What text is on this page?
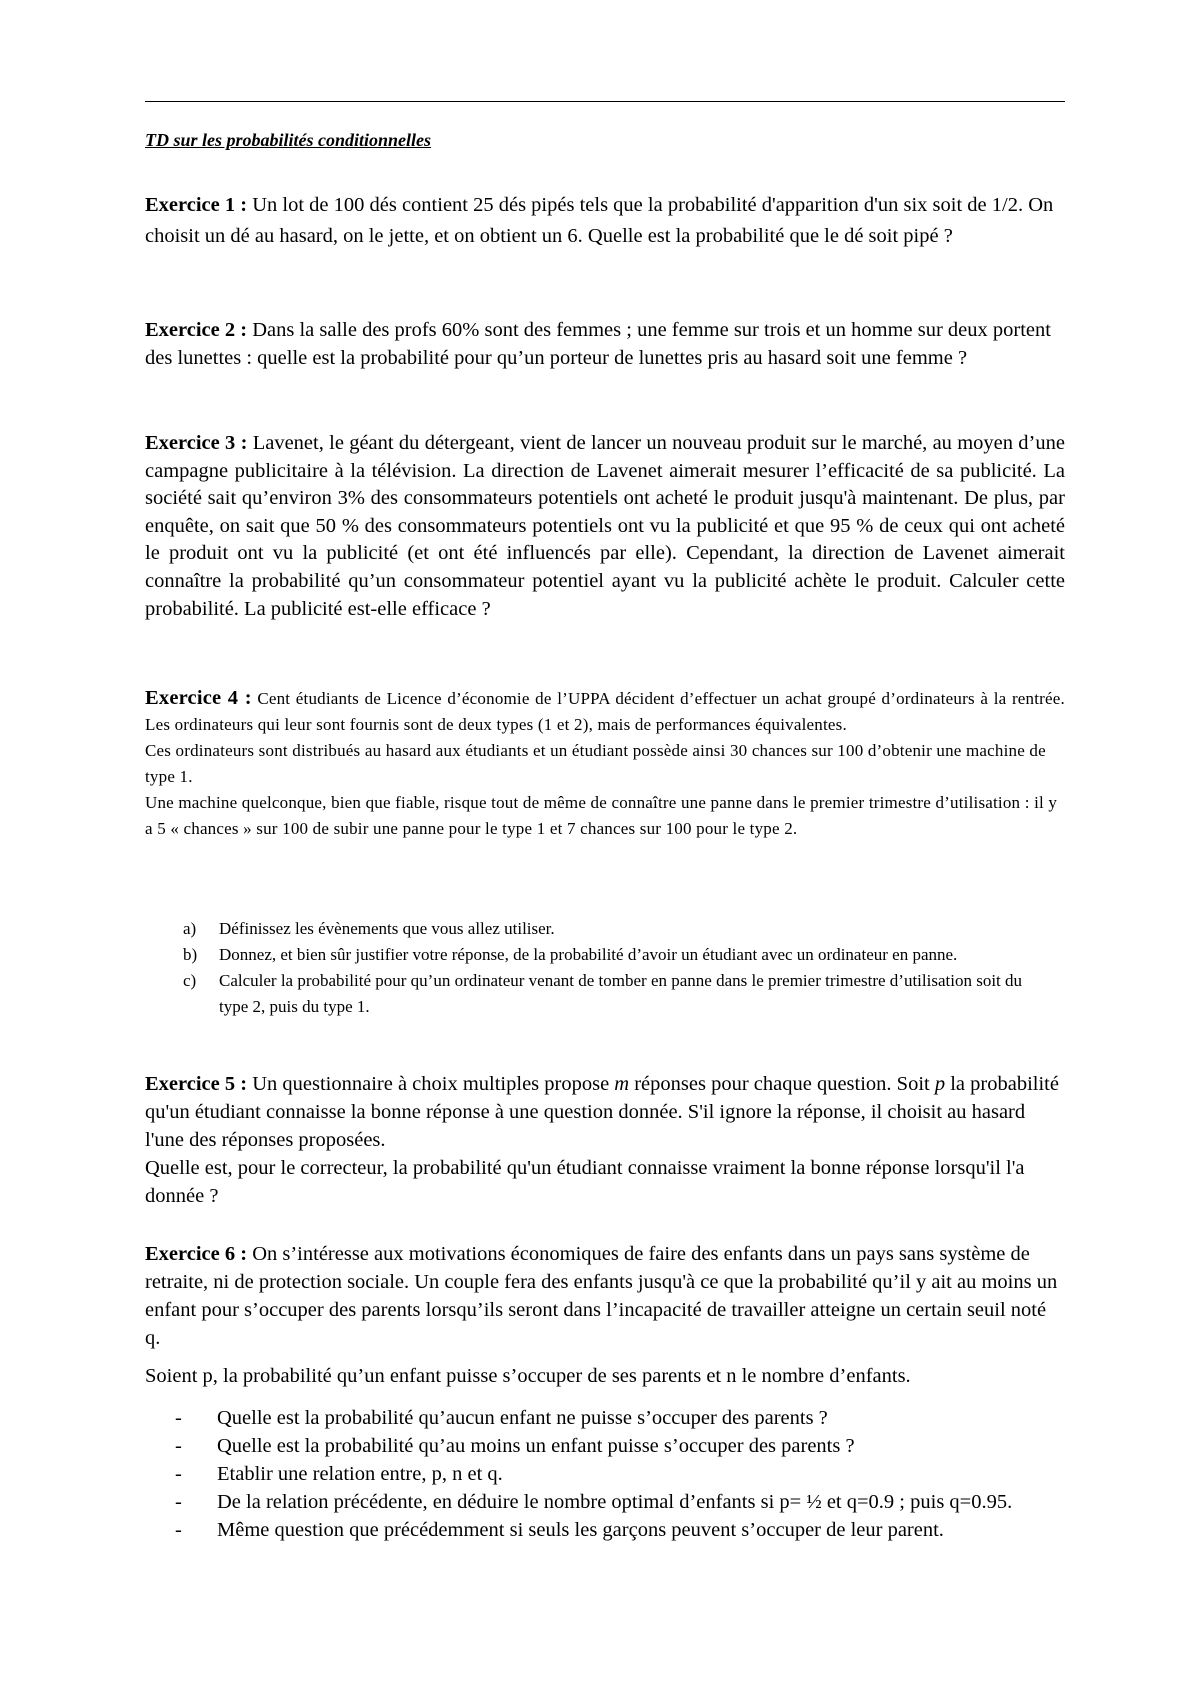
TD sur les probabilités conditionnelles

Exercice 1 : Un lot de 100 dés contient 25 dés pipés tels que la probabilité d'apparition d'un six soit de 1/2. On choisit un dé au hasard, on le jette, et on obtient un 6. Quelle est la probabilité que le dé soit pipé ?

Exercice 2 : Dans la salle des profs 60% sont des femmes ; une femme sur trois et un homme sur deux portent des lunettes : quelle est la probabilité pour qu’un porteur de lunettes pris au hasard soit une femme ?

Exercice 3 : Lavenet, le géant du détergeant, vient de lancer un nouveau produit sur le marché, au moyen d’une campagne publicitaire à la télévision. La direction de Lavenet aimerait mesurer l’efficacité de sa publicité. La société sait qu’environ 3% des consommateurs potentiels ont acheté le produit jusqu'à maintenant. De plus, par enquête, on sait que 50 % des consommateurs potentiels ont vu la publicité et que 95 % de ceux qui ont acheté le produit ont vu la publicité (et ont été influencés par elle). Cependant, la direction de Lavenet aimerait connaître la probabilité qu’un consommateur potentiel ayant vu la publicité achète le produit. Calculer cette probabilité. La publicité est-elle efficace ?

Exercice 4 : Cent étudiants de Licence d’économie de l’UPPA décident d’effectuer un achat groupé d’ordinateurs à la rentrée. Les ordinateurs qui leur sont fournis sont de deux types (1 et 2), mais de performances équivalentes.

Ces ordinateurs sont distribués au hasard aux étudiants et un étudiant possède ainsi 30 chances sur 100 d’obtenir une machine de type 1.

Une machine quelconque, bien que fiable, risque tout de même de connaître une panne dans le premier trimestre d’utilisation : il y a 5 « chances » sur 100 de subir une panne pour le type 1 et 7 chances sur 100 pour le type 2.

a) Définissez les évènements que vous allez utiliser.
b) Donnez, et bien sûr justifier votre réponse, de la probabilité d’avoir un étudiant avec un ordinateur en panne.
c) Calculer la probabilité pour qu’un ordinateur venant de tomber en panne dans le premier trimestre d’utilisation soit du type 2, puis du type 1.

Exercice 5 : Un questionnaire à choix multiples propose m réponses pour chaque question. Soit p la probabilité qu'un étudiant connaisse la bonne réponse à une question donnée. S'il ignore la réponse, il choisit au hasard l'une des réponses proposées.

Quelle est, pour le correcteur, la probabilité qu'un étudiant connaisse vraiment la bonne réponse lorsqu'il l'a donnée ?

Exercice 6 : On s’intéresse aux motivations économiques de faire des enfants dans un pays sans système de retraite, ni de protection sociale. Un couple fera des enfants jusqu'à ce que la probabilité qu’il y ait au moins un enfant pour s’occuper des parents lorsqu’ils seront dans l’incapacité de travailler atteigne un certain seuil noté q.

Soient p, la probabilité qu’un enfant puisse s’occuper de ses parents et n le nombre d’enfants.

- Quelle est la probabilité qu’aucun enfant ne puisse s’occuper des parents ?
- Quelle est la probabilité qu’au moins un enfant puisse s’occuper des parents ?
- Etablir une relation entre, p, n et q.
- De la relation précédente, en déduire le nombre optimal d’enfants si p= ½ et q=0.9 ; puis q=0.95.
- Même question que précédemment si seuls les garçons peuvent s’occuper de leur parent.
